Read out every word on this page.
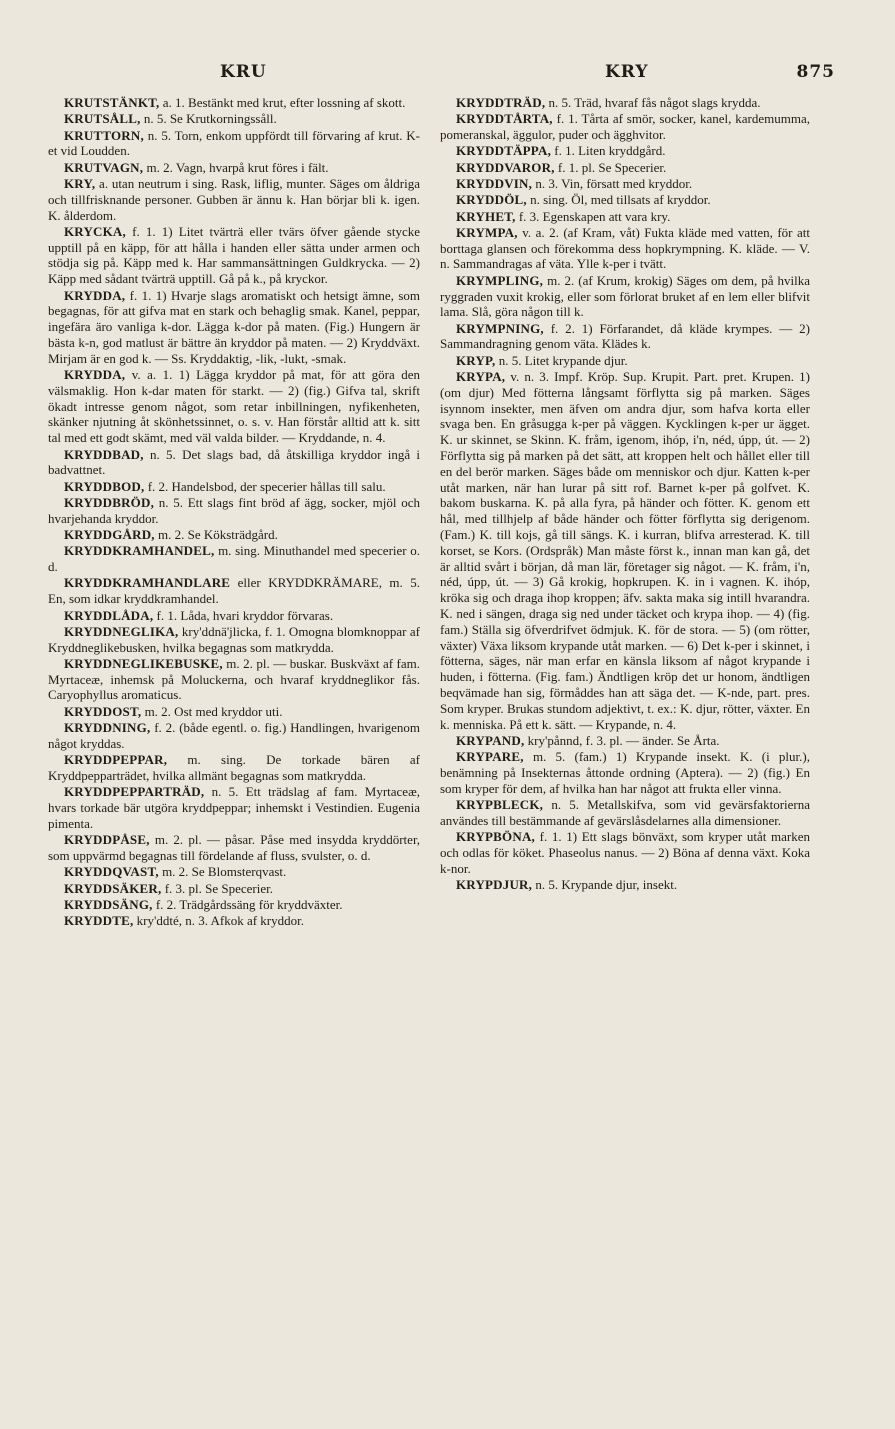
KRU	KRY	875

KRUTSTÄNKT, a. 1. Bestänkt med krut, efter lossning af skott.

KRUTSÅLL, n. 5. Se Krutkorningssåll.

KRUTTORN, n. 5. Torn, enkom uppfördt till förvaring af krut. K-et vid Loudden.

KRUTVAGN, m. 2. Vagn, hvarpå krut föres i fält.

KRY, a. utan neutrum i sing. Rask, liflig, munter. Säges om åldriga och tillfrisknande personer. Gubben är ännu k. Han börjar bli k. igen. K. ålderdom.

KRYCKA, f. 1. 1) Litet tvärträ eller tvärs öfver gående stycke upptill på en käpp, för att hålla i handen eller sätta under armen och stödja sig på. Käpp med k. Har sammansättningen Guldkrycka. — 2) Käpp med sådant tvärträ upptill. Gå på k., på kryckor.

KRYDDA, f. 1. 1) Hvarje slags aromatiskt och hetsigt ämne, som begagnas, för att gifva mat en stark och behaglig smak. Kanel, peppar, ingefära äro vanliga k-dor. Lägga k-dor på maten. (Fig.) Hungern är bästa k-n, god matlust är bättre än kryddor på maten. — 2) Kryddväxt. Mirjam är en god k. — Ss. Kryddaktig, -lik, -lukt, -smak.

KRYDDA, v. a. 1. 1) Lägga kryddor på mat, för att göra den välsmaklig. Hon k-dar maten för starkt. — 2) (fig.) Gifva tal, skrift ökadt intresse genom något, som retar inbillningen, nyfikenheten, skänker njutning åt skönhetssinnet, o. s. v. Han förstår alltid att k. sitt tal med ett godt skämt, med väl valda bilder. — Kryddande, n. 4.

KRYDDBAD, n. 5. Det slags bad, då åtskilliga kryddor ingå i badvattnet.

KRYDDBOD, f. 2. Handelsbod, der specerier hållas till salu.

KRYDDBRÖD, n. 5. Ett slags fint bröd af ägg, socker, mjöl och hvarjehanda kryddor.

KRYDDGÅRD, m. 2. Se Köksträdgård.

KRYDDKRAMHANDEL, m. sing. Minuthandel med specerier o. d.

KRYDDKRAMHANDLARE eller KRYDDKRÄMARE, m. 5. En, som idkar kryddkramhandel.

KRYDDLÅDA, f. 1. Låda, hvari kryddor förvaras.

KRYDDNEGLIKA, kry'ddnä'jlicka, f. 1. Omogna blomknoppar af Kryddneglikebusken, hvilka begagnas som matkrydda.

KRYDDNEGLIKEBUSKE, m. 2. pl. — buskar. Buskväxt af fam. Myrtaceæ, inhemsk på Moluckerna, och hvaraf kryddneglikor fås. Caryophyllus aromaticus.

KRYDDOST, m. 2. Ost med kryddor uti.

KRYDDNING, f. 2. (både egentl. o. fig.) Handlingen, hvarigenom något kryddas.

KRYDDPEPPAR, m. sing. De torkade bären af Kryddpepparträdet, hvilka allmänt begagnas som matkrydda.

KRYDDPEPPARTRÄD, n. 5. Ett trädslag af fam. Myrtaceæ, hvars torkade bär utgöra kryddpeppar; inhemskt i Vestindien. Eugenia pimenta.

KRYDDPÅSE, m. 2. pl. — påsar. Påse med insydda kryddörter, som uppvärmd begagnas till fördelande af fluss, svulster, o. d.

KRYDDQVAST, m. 2. Se Blomsterqvast.

KRYDDSÄKER, f. 3. pl. Se Specerier.

KRYDDSÄNG, f. 2. Trädgårdssäng för kryddväxter.

KRYDDTE, kry'ddté, n. 3. Afkok af kryddor.

KRYDDTRÄD, n. 5. Träd, hvaraf fås något slags krydda.

KRYDDTÅRTA, f. 1. Tårta af smör, socker, kanel, kardemumma, pomeranskal, äggulor, puder och ägghvitor.

KRYDDTÄPPA, f. 1. Liten kryddgård.

KRYDDVAROR, f. 1. pl. Se Specerier.

KRYDDVIN, n. 3. Vin, försatt med kryddor.

KRYDDÖL, n. sing. Öl, med tillsats af kryddor.

KRYHET, f. 3. Egenskapen att vara kry.

KRYMPA, v. a. 2. (af Kram, våt) Fukta kläde med vatten, för att borttaga glansen och förekomma dess hopkrympning. K. kläde. — V. n. Sammandragas af väta. Ylle k-per i tvätt.

KRYMPLING, m. 2. (af Krum, krokig) Säges om dem, på hvilka ryggraden vuxit krokig, eller som förlorat bruket af en lem eller blifvit lama. Slå, göra någon till k.

KRYMPNING, f. 2. 1) Förfarandet, då kläde krympes. — 2) Sammandragning genom väta. Klädes k.

KRYP, n. 5. Litet krypande djur.

KRYPA, v. n. 3. Impf. Kröp. Sup. Krupit. Part. pret. Krupen. 1) (om djur) Med fötterna långsamt förflytta sig på marken. Säges isynnom insekter, men äfven om andra djur, som hafva korta eller svaga ben. En gråsugga k-per på väggen. Kycklingen k-per ur ägget. K. ur skinnet, se Skinn. K. fråm, igenom, ihóp, i'n, néd, úpp, út. — 2) Förflytta sig på marken på det sätt, att kroppen helt och hållet eller till en del berör marken. Säges både om menniskor och djur. Katten k-per utåt marken, när han lurar på sitt rof. Barnet k-per på golfvet. K. bakom buskarna. K. på alla fyra, på händer och fötter. K. genom ett hål, med tillhjelp af både händer och fötter förflytta sig derigenom. (Fam.) K. till kojs, gå till sängs. K. i kurran, blifva arresterad. K. till korset, se Kors. (Ordspråk) Man måste först k., innan man kan gå, det är alltid svårt i början, då man lär, företager sig något. — K. fråm, i'n, néd, úpp, út. — 3) Gå krokig, hopkrupen. K. in i vagnen. K. ihóp, kröka sig och draga ihop kroppen; äfv. sakta maka sig intill hvarandra. K. ned i sängen, draga sig ned under täcket och krypa ihop. — 4) (fig. fam.) Ställa sig öfverdrifvet ödmjuk. K. för de stora. — 5) (om rötter, växter) Växa liksom krypande utåt marken. — 6) Det k-per i skinnet, i fötterna, säges, när man erfar en känsla liksom af något krypande i huden, i fötterna. (Fig. fam.) Ändtligen kröp det ur honom, ändtligen beqvämade han sig, förmåddes han att säga det. — K-nde, part. pres. Som kryper. Brukas stundom adjektivt, t. ex.: K. djur, rötter, växter. En k. menniska. På ett k. sätt. — Krypande, n. 4.

KRYPAND, kry'pånnd, f. 3. pl. — änder. Se Årta.

KRYPARE, m. 5. (fam.) 1) Krypande insekt. K. (i plur.), benämning på Insekternas åttonde ordning (Aptera). — 2) (fig.) En som kryper för dem, af hvilka han har något att frukta eller vinna.

KRYPBLECK, n. 5. Metallskifva, som vid gevärsfaktorierna användes till bestämmande af gevärslåsdelarnes alla dimensioner.

KRYPBÖNA, f. 1. 1) Ett slags bönväxt, som kryper utåt marken och odlas för köket. Phaseolus nanus. — 2) Böna af denna växt. Koka k-nor.

KRYPDJUR, n. 5. Krypande djur, insekt.
